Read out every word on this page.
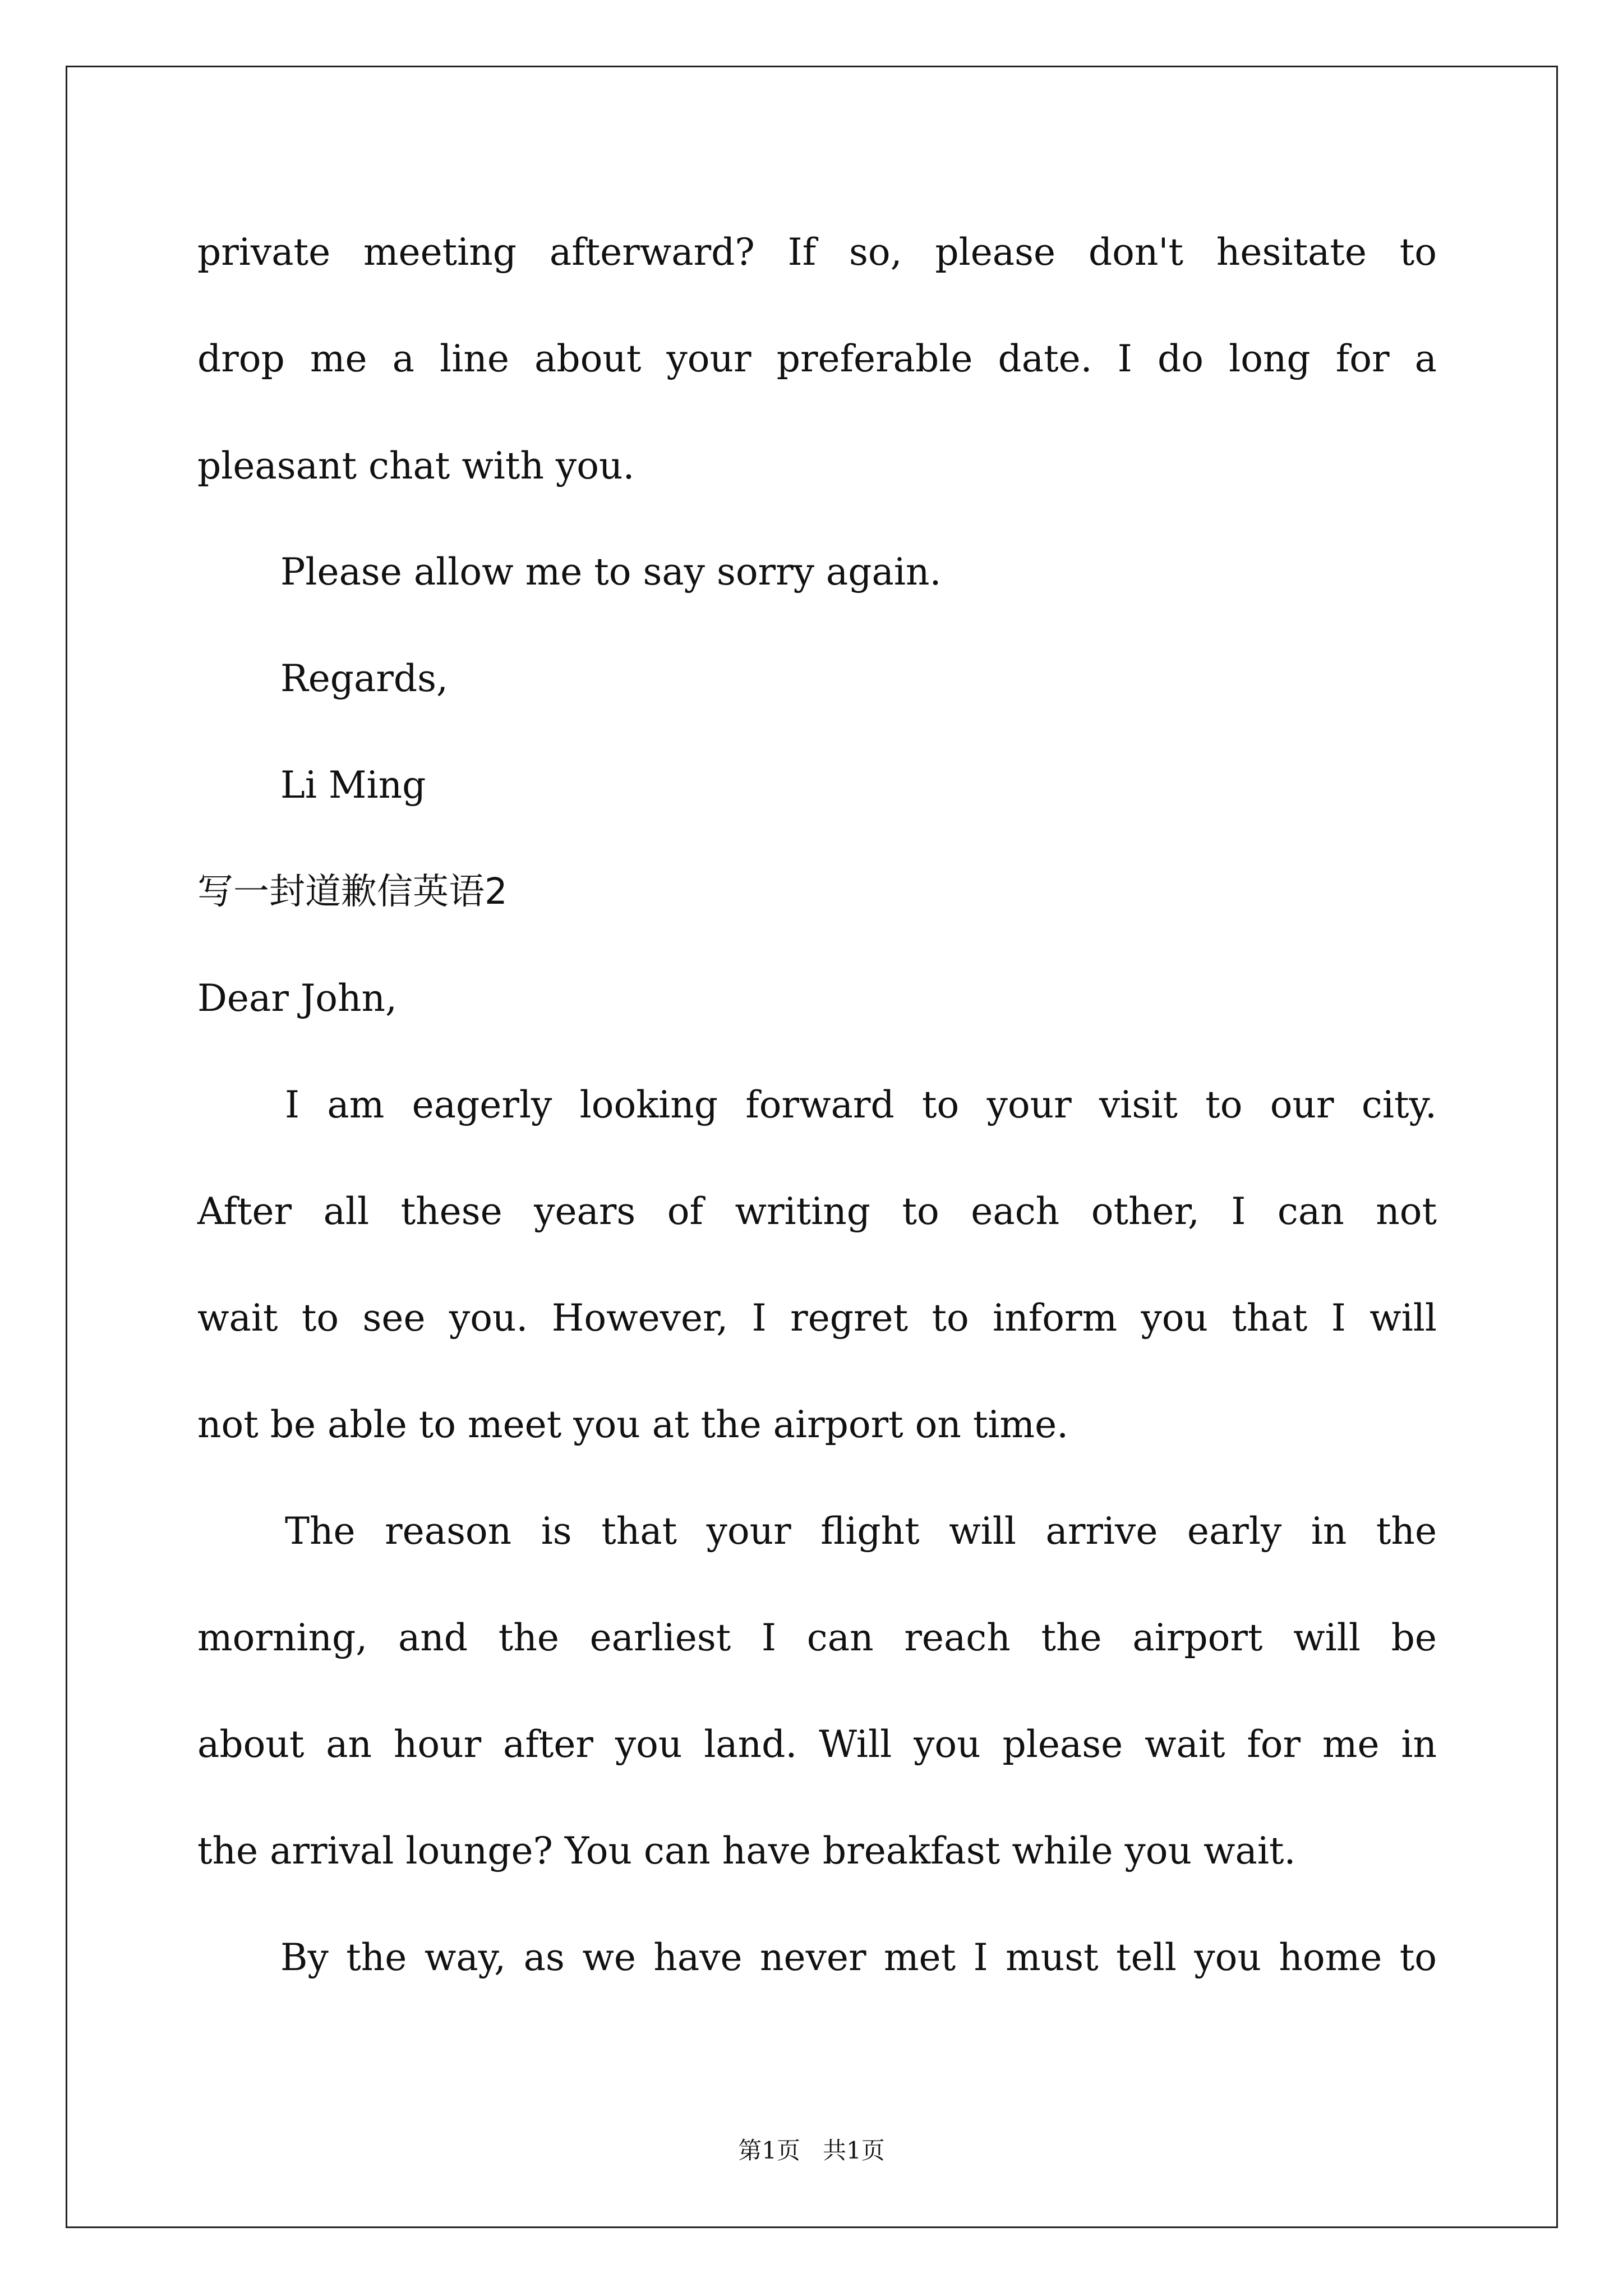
private meeting afterward? If so, please don't hesitate to
drop me a line about your preferable date. I do long for a
pleasant chat with you.
Please allow me to say sorry again.
Regards,
Li Ming
写一封道歉信英语2
Dear John,
I am eagerly looking forward to your visit to our city.
After all these years of writing to each other, I can not
wait to see you. However, I regret to inform you that I will
not be able to meet you at the airport on time.
The reason is that your flight will arrive early in the
morning, and the earliest I can reach the airport will be
about an hour after you land. Will you please wait for me in
the arrival lounge? You can have breakfast while you wait.
By the way, as we have never met I must tell you home to
第1页   共1页
